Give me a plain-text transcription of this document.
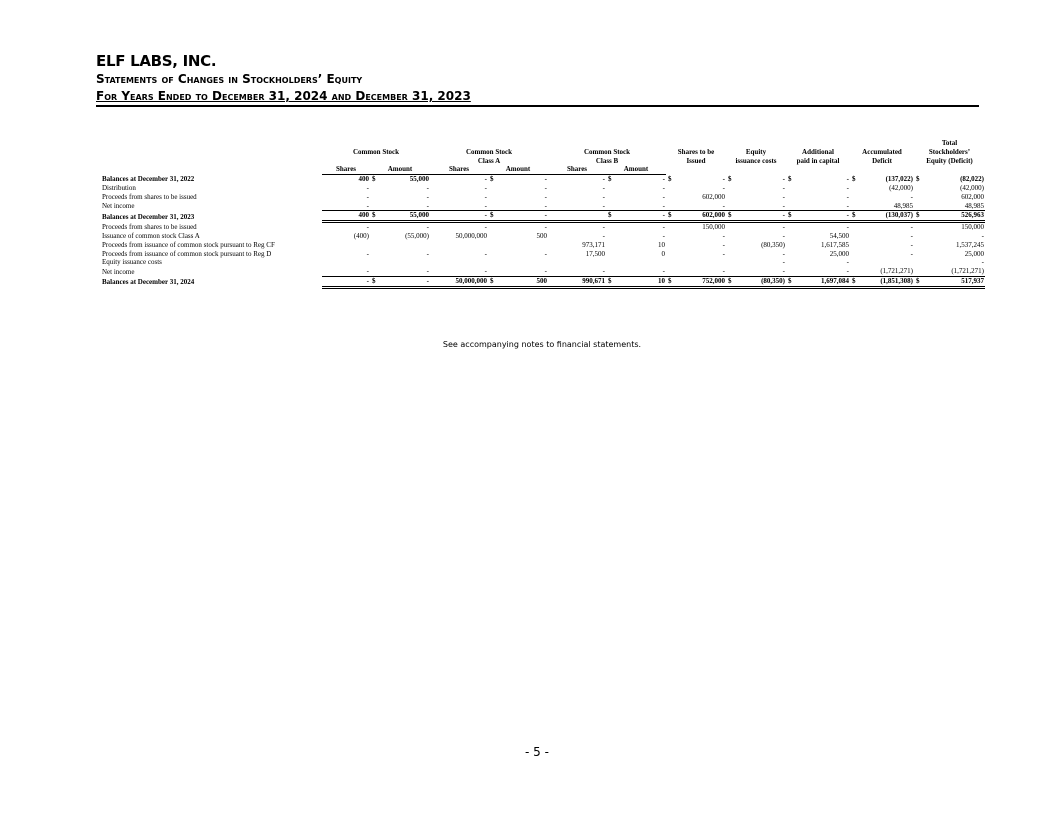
ELF LABS, INC.
Statements of Changes in Stockholders’ Equity
For Years Ended to December 31, 2024 and December 31, 2023
																		Total	
	Common Stock			Common Stock			Common Stock			Shares to be		Equity		Additional		Accumulated		Stockholders’	
				Class A			Class B			Issued		issuance costs		paid in capital		Deficit		Equity (Deficit)	
	Shares	Amount		Shares	Amount		Shares	Amount											
Balances at December 31, 2022	400	$	55,000	-	$	-	-	$	-	$	-	$	-	$	-	$	(137,022)	$	(82,022)
Distribution	-		-	-		-	-		-		-		-		-		(42,000)		(42,000)
Proceeds from shares to be issued	-		-	-		-	-		-		602,000		-		-		-		602,000
Net income	-		-	-		-	-		-		-		-		-		48,985		48,985
Balances at December 31, 2023	400	$	55,000	-	$	-		$	-	$	602,000	$	-	$	-	$	(130,037)	$	526,963
Proceeds from shares to be issued	-		-	-		-	-		-		150,000		-		-		-		150,000
Issuance of common stock Class A	(400)		(55,000)	50,000,000		500	-		-		-		-		54,500		-		-
Proceeds from issuance of common stock pursuant to Reg CF							973,171		10		-		(80,350)		1,617,585		-		1,537,245
Proceeds from issuance of common stock pursuant to Reg D	-		-	-		-	17,500		0		-		-		25,000		-		25,000
Equity issuance costs													-		-				-
Net income	-		-	-		-	-		-		-		-		-		(1,721,271)		(1,721,271)
Balances at December 31, 2024	-	$	-	50,000,000	$	500	990,671	$	10	$	752,000	$	(80,350)	$	1,697,084	$	(1,851,308)	$	517,937
See accompanying notes to financial statements.
- 5 -
